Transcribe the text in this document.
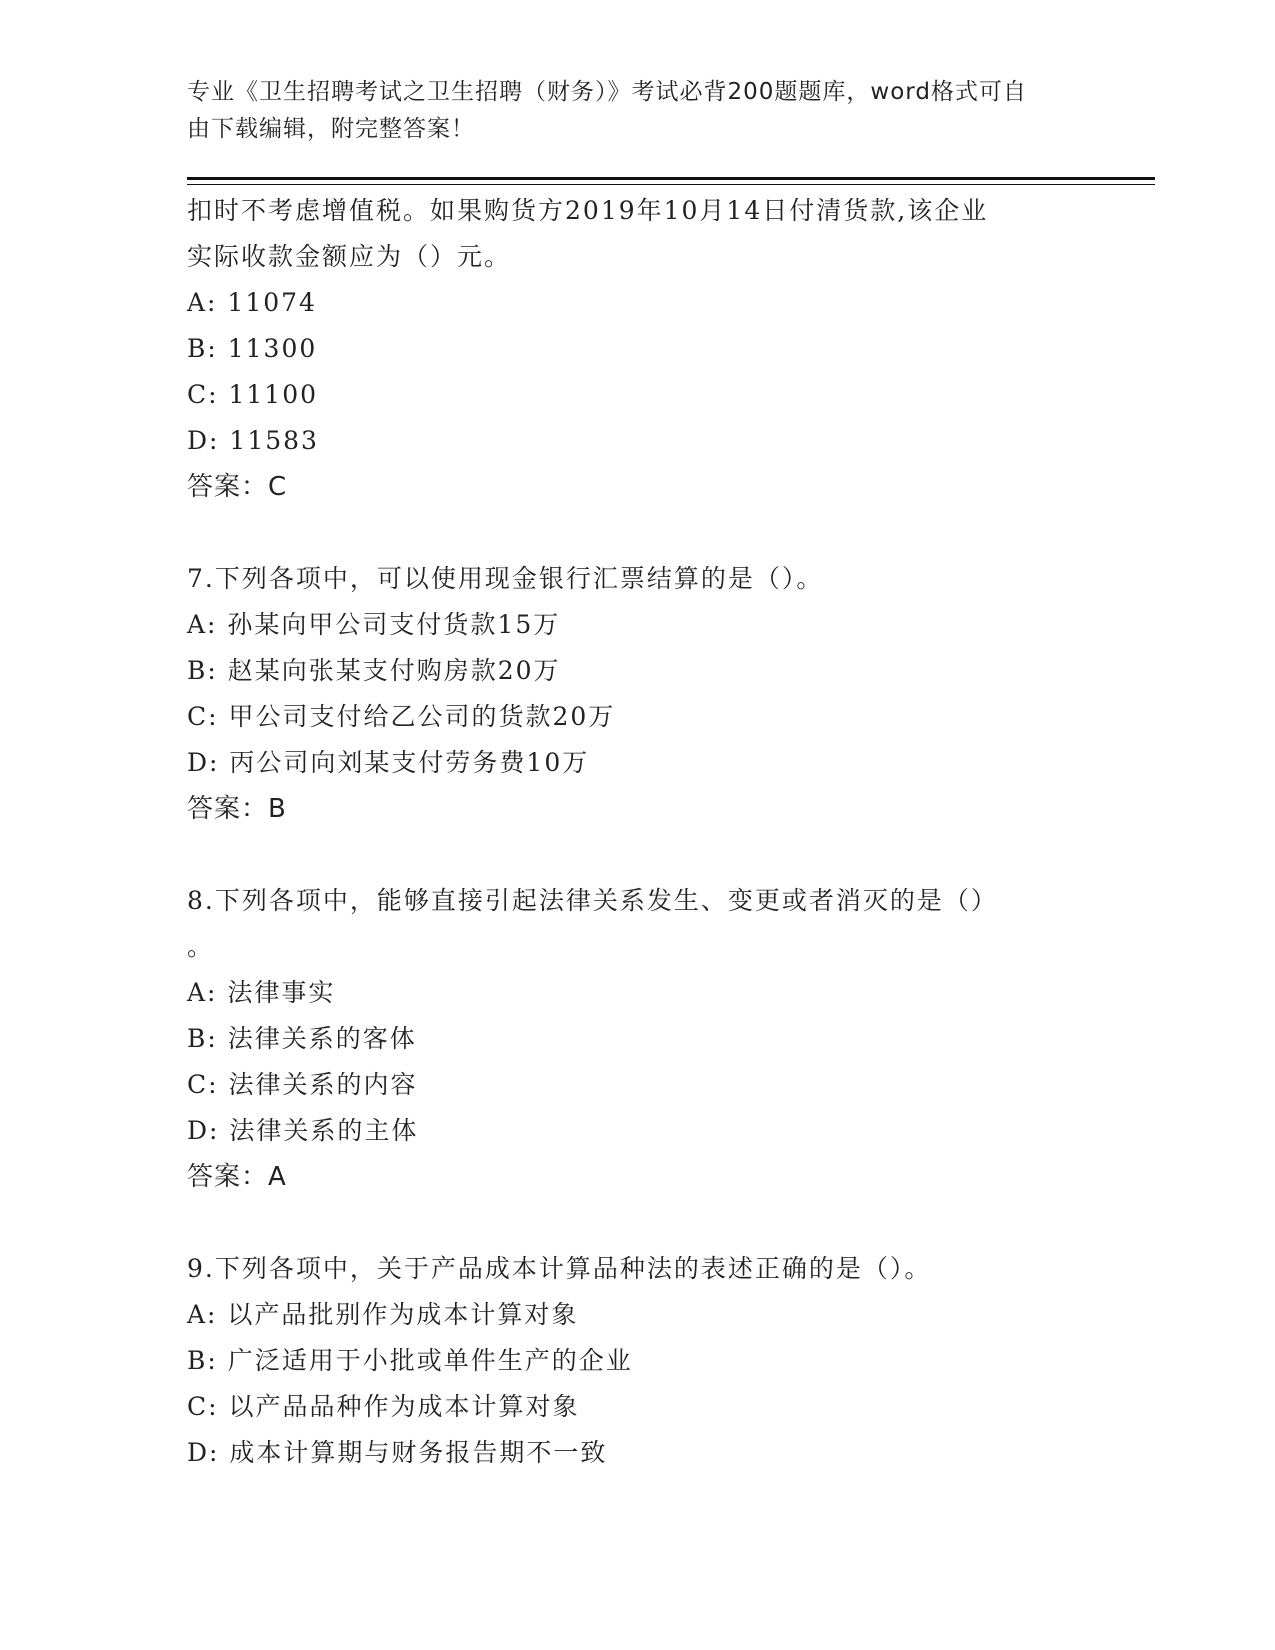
专业《卫生招聘考试之卫生招聘（财务）》考试必背200题题库，word格式可自
由下载编辑，附完整答案！
扣时不考虑增值税。如果购货方2019年10月14日付清货款,该企业
实际收款金额应为（）元。
A: 11074
B: 11300
C: 11100
D: 11583
答案：C
7.下列各项中，可以使用现金银行汇票结算的是（）。
A: 孙某向甲公司支付货款15万
B: 赵某向张某支付购房款20万
C: 甲公司支付给乙公司的货款20万
D: 丙公司向刘某支付劳务费10万
答案：B
8.下列各项中，能够直接引起法律关系发生、变更或者消灭的是（）
。
A: 法律事实
B: 法律关系的客体
C: 法律关系的内容
D: 法律关系的主体
答案：A
9.下列各项中，关于产品成本计算品种法的表述正确的是（）。
A: 以产品批别作为成本计算对象
B: 广泛适用于小批或单件生产的企业
C: 以产品品种作为成本计算对象
D: 成本计算期与财务报告期不一致
